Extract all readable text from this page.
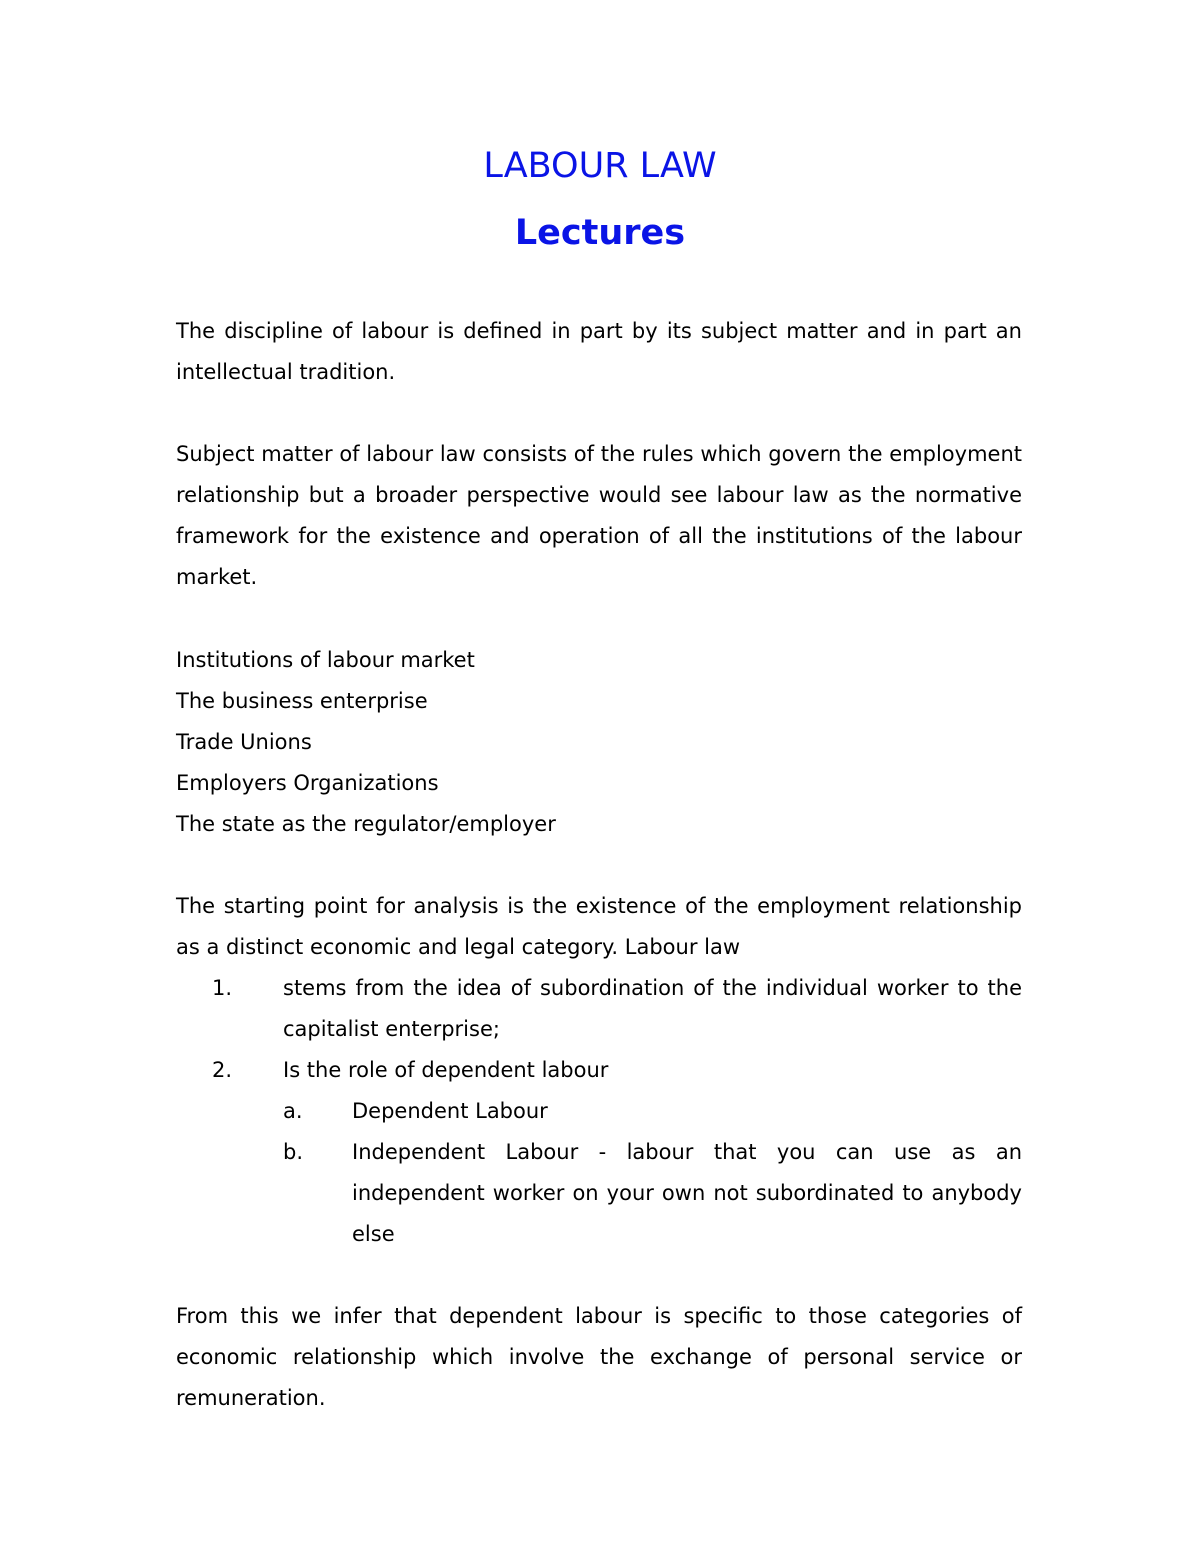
LABOUR LAW
Lectures

The discipline of labour is defined in part by its subject matter and in part an intellectual tradition.

Subject matter of labour law consists of the rules which govern the employment relationship but a broader perspective would see labour law as the normative framework for the existence and operation of all the institutions of the labour market.

Institutions of labour market
The business enterprise
Trade Unions
Employers Organizations
The state as the regulator/employer

The starting point for analysis is the existence of the employment relationship as a distinct economic and legal category. Labour law

1. stems from the idea of subordination of the individual worker to the capitalist enterprise;
2. Is the role of dependent labour
a. Dependent Labour
b. Independent Labour - labour that you can use as an independent worker on your own not subordinated to anybody else

From this we infer that dependent labour is specific to those categories of economic relationship which involve the exchange of personal service or remuneration.
